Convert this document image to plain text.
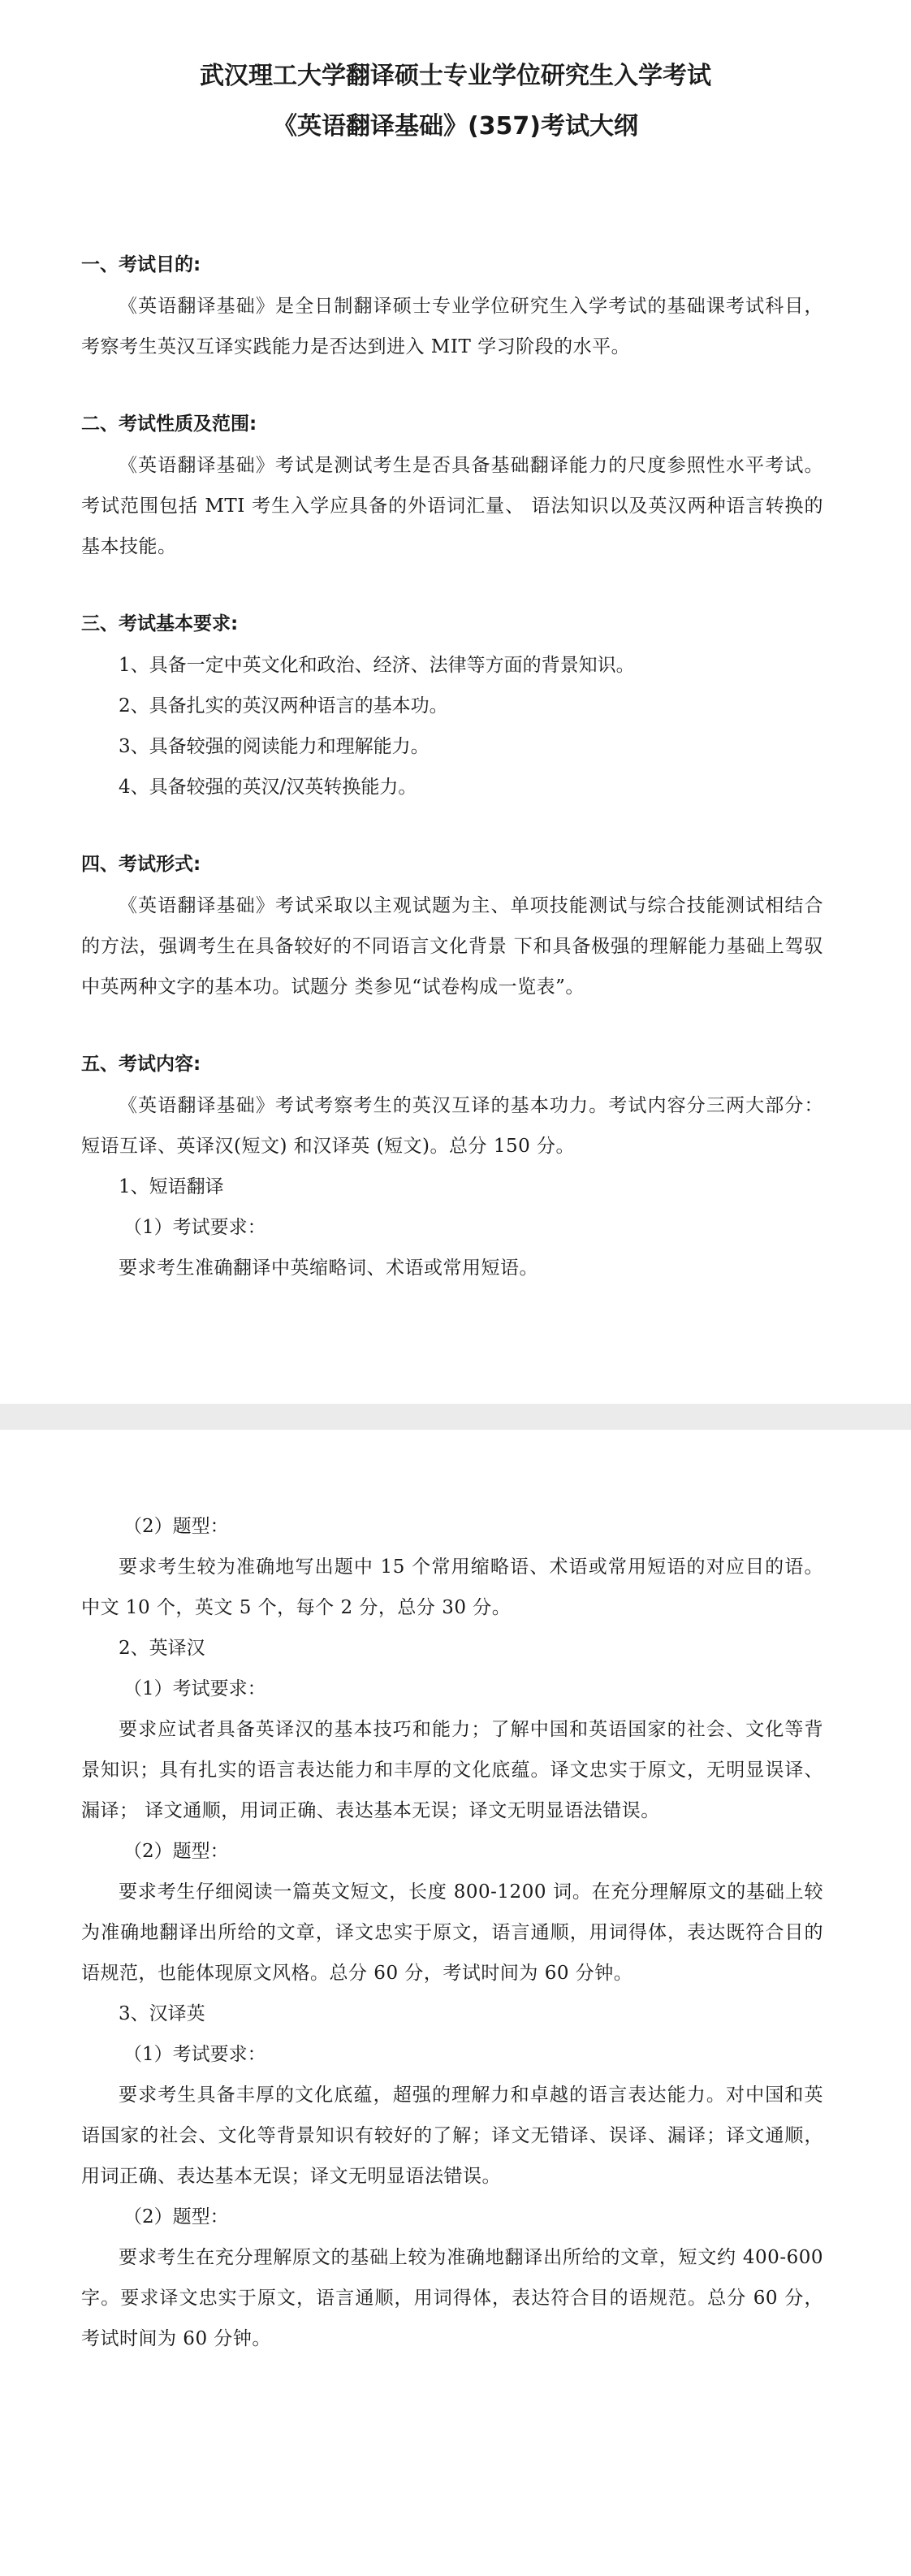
武汉理工大学翻译硕士专业学位研究生入学考试

《英语翻译基础》(357)考试大纲

一、考试目的:

《英语翻译基础》是全日制翻译硕士专业学位研究生入学考试的基础课考试科目，考察考生英汉互译实践能力是否达到进入 MIT 学习阶段的水平。

二、考试性质及范围:

《英语翻译基础》考试是测试考生是否具备基础翻译能力的尺度参照性水平考试。考试范围包括 MTI 考生入学应具备的外语词汇量、 语法知识以及英汉两种语言转换的基本技能。

三、考试基本要求:

1、具备一定中英文化和政治、经济、法律等方面的背景知识。

2、具备扎实的英汉两种语言的基本功。

3、具备较强的阅读能力和理解能力。

4、具备较强的英汉/汉英转换能力。

四、考试形式:

《英语翻译基础》考试采取以主观试题为主、单项技能测试与综合技能测试相结合的方法，强调考生在具备较好的不同语言文化背景 下和具备极强的理解能力基础上驾驭中英两种文字的基本功。试题分 类参见“试卷构成一览表”。

五、考试内容:

《英语翻译基础》考试考察考生的英汉互译的基本功力。考试内容分三两大部分：短语互译、英译汉(短文) 和汉译英 (短文)。总分 150 分。

1、短语翻译

（1）考试要求：

要求考生准确翻译中英缩略词、术语或常用短语。

（2）题型：

要求考生较为准确地写出题中 15 个常用缩略语、术语或常用短语的对应目的语。中文 10 个，英文 5 个，每个 2 分，总分 30 分。

2、英译汉

（1）考试要求：

要求应试者具备英译汉的基本技巧和能力；了解中国和英语国家的社会、文化等背景知识；具有扎实的语言表达能力和丰厚的文化底蕴。译文忠实于原文，无明显误译、漏译； 译文通顺，用词正确、表达基本无误；译文无明显语法错误。

（2）题型：

要求考生仔细阅读一篇英文短文，长度 800-1200 词。在充分理解原文的基础上较为准确地翻译出所给的文章，译文忠实于原文，语言通顺，用词得体，表达既符合目的语规范，也能体现原文风格。总分 60 分，考试时间为 60 分钟。

3、汉译英

（1）考试要求：

要求考生具备丰厚的文化底蕴，超强的理解力和卓越的语言表达能力。对中国和英语国家的社会、文化等背景知识有较好的了解；译文无错译、误译、漏译；译文通顺，用词正确、表达基本无误；译文无明显语法错误。

（2）题型：

要求考生在充分理解原文的基础上较为准确地翻译出所给的文章，短文约 400-600 字。要求译文忠实于原文，语言通顺，用词得体，表达符合目的语规范。总分 60 分，考试时间为 60 分钟。
